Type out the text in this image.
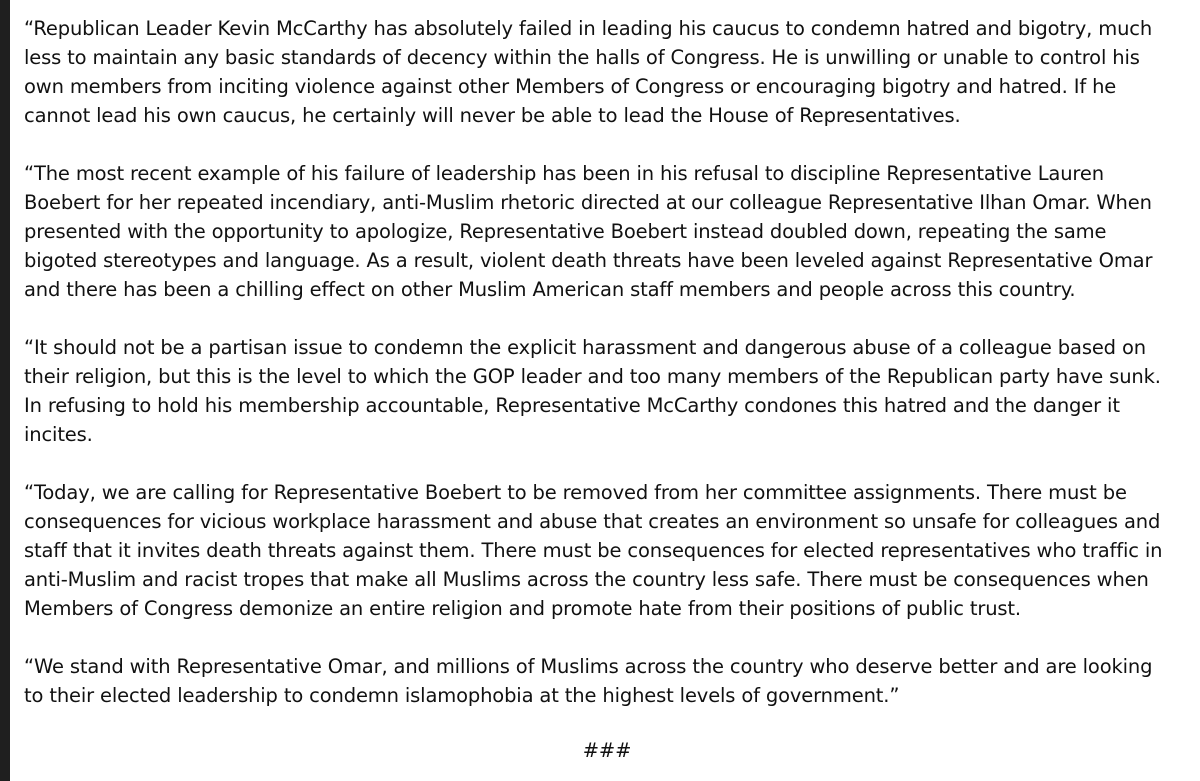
“Republican Leader Kevin McCarthy has absolutely failed in leading his caucus to condemn hatred and bigotry, much
less to maintain any basic standards of decency within the halls of Congress. He is unwilling or unable to control his
own members from inciting violence against other Members of Congress or encouraging bigotry and hatred. If he
cannot lead his own caucus, he certainly will never be able to lead the House of Representatives.
“The most recent example of his failure of leadership has been in his refusal to discipline Representative Lauren
Boebert for her repeated incendiary, anti-Muslim rhetoric directed at our colleague Representative Ilhan Omar. When
presented with the opportunity to apologize, Representative Boebert instead doubled down, repeating the same
bigoted stereotypes and language. As a result, violent death threats have been leveled against Representative Omar
and there has been a chilling effect on other Muslim American staff members and people across this country.
“It should not be a partisan issue to condemn the explicit harassment and dangerous abuse of a colleague based on
their religion, but this is the level to which the GOP leader and too many members of the Republican party have sunk.
In refusing to hold his membership accountable, Representative McCarthy condones this hatred and the danger it
incites.
“Today, we are calling for Representative Boebert to be removed from her committee assignments. There must be
consequences for vicious workplace harassment and abuse that creates an environment so unsafe for colleagues and
staff that it invites death threats against them. There must be consequences for elected representatives who traffic in
anti-Muslim and racist tropes that make all Muslims across the country less safe. There must be consequences when
Members of Congress demonize an entire religion and promote hate from their positions of public trust.
“We stand with Representative Omar, and millions of Muslims across the country who deserve better and are looking
to their elected leadership to condemn islamophobia at the highest levels of government.”
###
